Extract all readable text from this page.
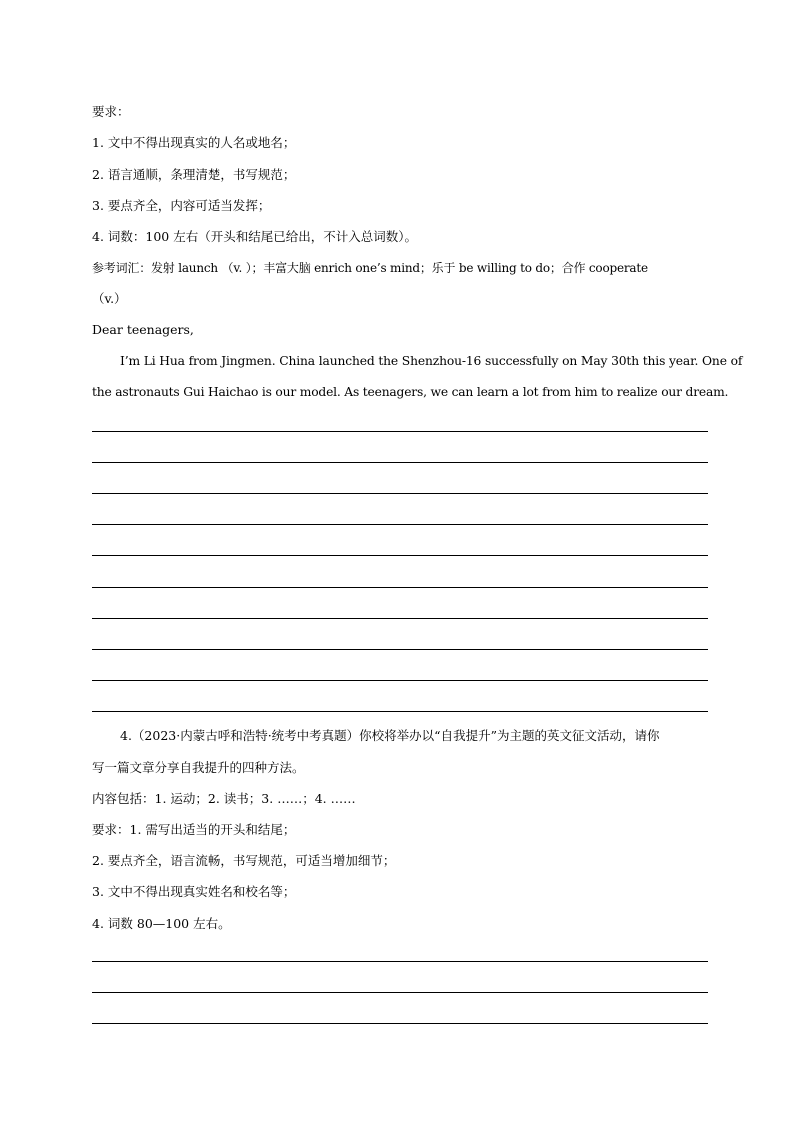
要求：

1. 文中不得出现真实的人名或地名；

2. 语言通顺，条理清楚，书写规范；

3. 要点齐全，内容可适当发挥；

4. 词数：100 左右（开头和结尾已给出，不计入总词数）。

参考词汇：发射 launch （v. ）；丰富大脑 enrich one’s mind；乐于 be willing to do；合作 cooperate

（v.）

Dear teenagers,

I’m Li Hua from Jingmen. China launched the Shenzhou-16 successfully on May 30th this year. One of

the astronauts Gui Haichao is our model. As teenagers, we can learn a lot from him to realize our dream.

4.（2023·内蒙古呼和浩特·统考中考真题）你校将举办以“自我提升”为主题的英文征文活动，请你

写一篇文章分享自我提升的四种方法。

内容包括：1. 运动；2. 读书；3. ……；4. ……

要求：1. 需写出适当的开头和结尾；

2. 要点齐全，语言流畅，书写规范，可适当增加细节；

3. 文中不得出现真实姓名和校名等；

4. 词数 80—100 左右。
